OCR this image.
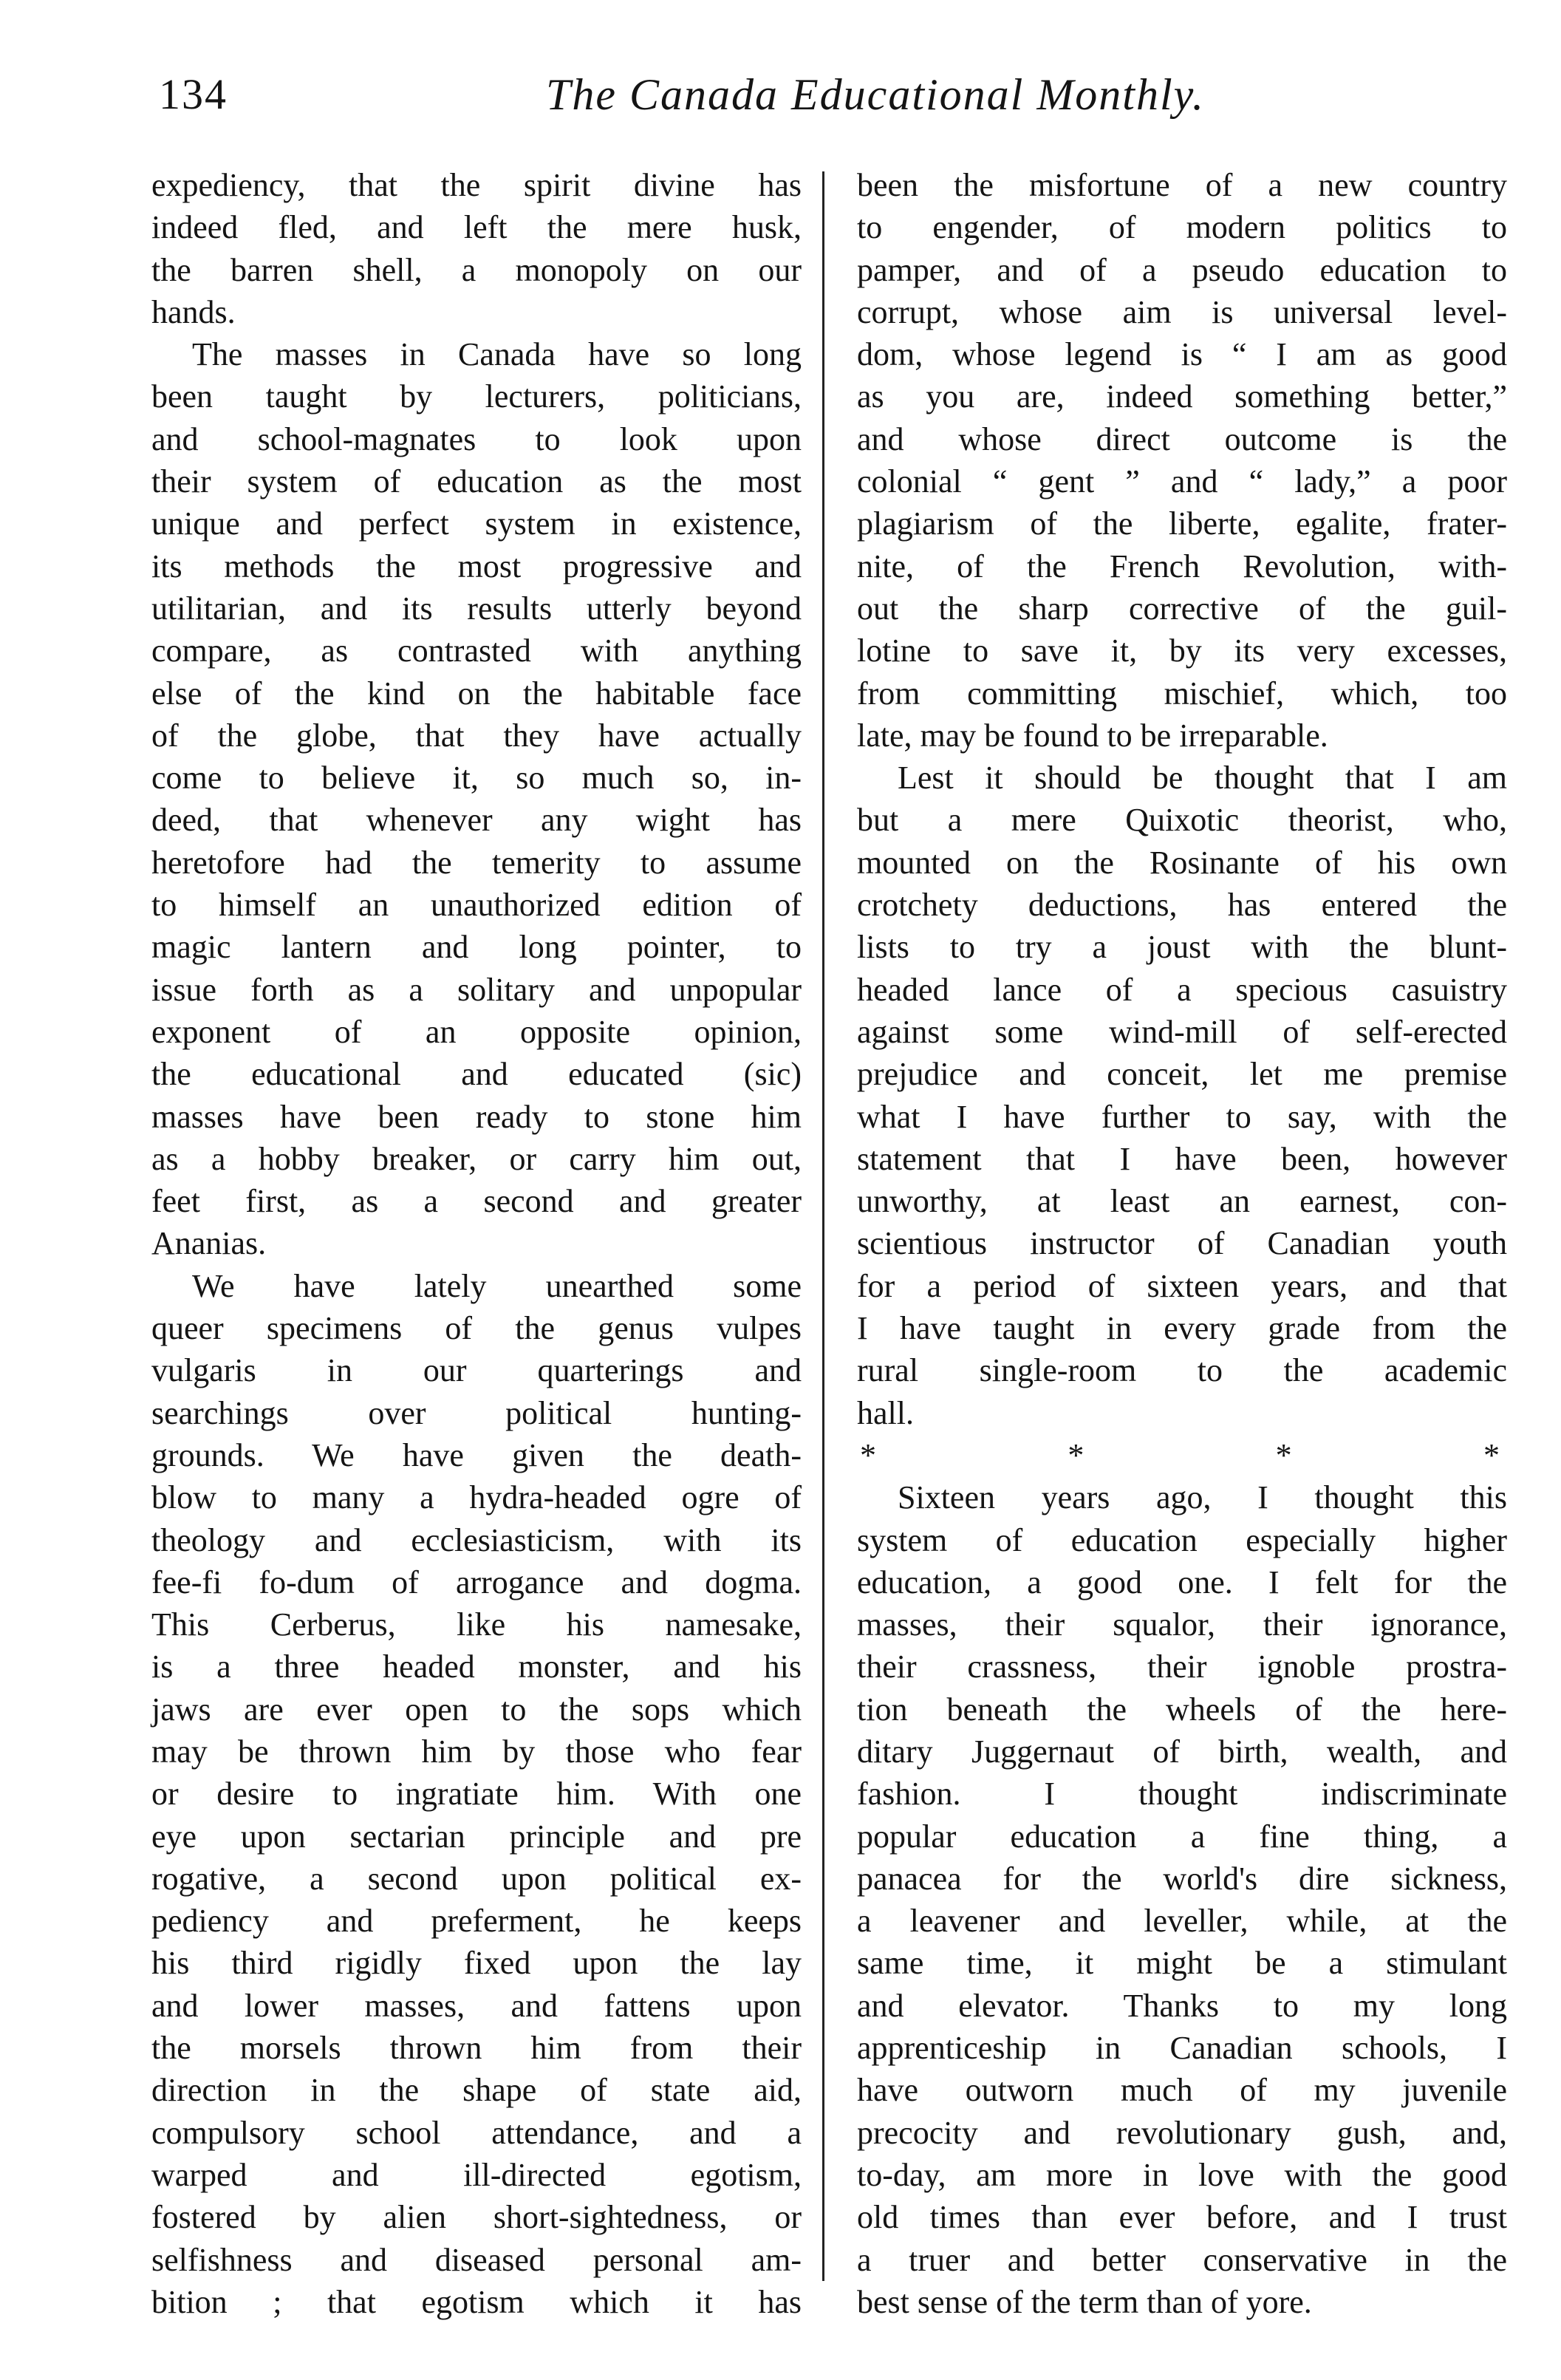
134	The Canada Educational Monthly.
expediency, that the spirit divine has
indeed fled, and left the mere husk,
the barren shell, a monopoly on our
hands.
The masses in Canada have so long
been taught by lecturers, politicians,
and school-magnates to look upon
their system of education as the most
unique and perfect system in existence,
its methods the most progressive and
utilitarian, and its results utterly beyond
compare, as contrasted with anything
else of the kind on the habitable face
of the globe, that they have actually
come to believe it, so much so, in-
deed, that whenever any wight has
heretofore had the temerity to assume
to himself an unauthorized edition of
magic lantern and long pointer, to
issue forth as a solitary and unpopular
exponent of an opposite opinion,
the educational and educated (sic)
masses have been ready to stone him
as a hobby breaker, or carry him out,
feet first, as a second and greater
Ananias.
We have lately unearthed some
queer specimens of the genus vulpes
vulgaris in our quarterings and
searchings over political hunting-
grounds. We have given the death-
blow to many a hydra-headed ogre of
theology and ecclesiasticism, with its
fee-fi fo-dum of arrogance and dogma.
This Cerberus, like his namesake,
is a three headed monster, and his
jaws are ever open to the sops which
may be thrown him by those who fear
or desire to ingratiate him. With one
eye upon sectarian principle and pre
rogative, a second upon political ex-
pediency and preferment, he keeps
his third rigidly fixed upon the lay
and lower masses, and fattens upon
the morsels thrown him from their
direction in the shape of state aid,
compulsory school attendance, and a
warped and ill-directed egotism,
fostered by alien short-sightedness, or
selfishness and diseased personal am-
bition ; that egotism which it has
been the misfortune of a new country
to engender, of modern politics to
pamper, and of a pseudo education to
corrupt, whose aim is universal level-
dom, whose legend is “ I am as good
as you are, indeed something better,”
and whose direct outcome is the
colonial “ gent ” and “ lady,” a poor
plagiarism of the liberte, egalite, frater-
nite, of the French Revolution, with-
out the sharp corrective of the guil-
lotine to save it, by its very excesses,
from committing mischief, which, too
late, may be found to be irreparable.
Lest it should be thought that I am
but a mere Quixotic theorist, who,
mounted on the Rosinante of his own
crotchety deductions, has entered the
lists to try a joust with the blunt-
headed lance of a specious casuistry
against some wind-mill of self-erected
prejudice and conceit, let me premise
what I have further to say, with the
statement that I have been, however
unworthy, at least an earnest, con-
scientious instructor of Canadian youth
for a period of sixteen years, and that
I have taught in every grade from the
rural single-room to the academic
hall.
*	*	*	*
Sixteen years ago, I thought this
system of education especially higher
education, a good one. I felt for the
masses, their squalor, their ignorance,
their crassness, their ignoble prostra-
tion beneath the wheels of the here-
ditary Juggernaut of birth, wealth, and
fashion. I thought indiscriminate
popular education a fine thing, a
panacea for the world's dire sickness,
a leavener and leveller, while, at the
same time, it might be a stimulant
and elevator. Thanks to my long
apprenticeship in Canadian schools, I
have outworn much of my juvenile
precocity and revolutionary gush, and,
to-day, am more in love with the good
old times than ever before, and I trust
a truer and better conservative in the
best sense of the term than of yore.
